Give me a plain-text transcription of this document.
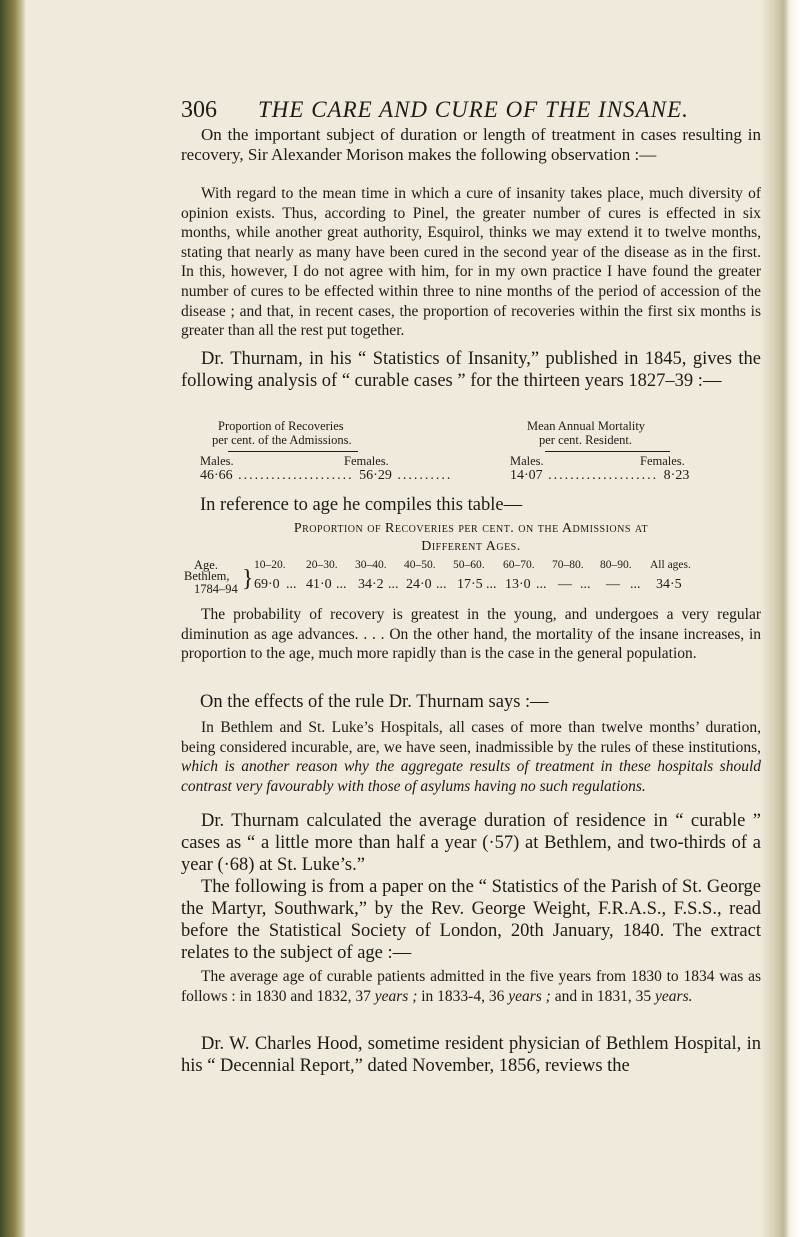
306 THE CARE AND CURE OF THE INSANE.
On the important subject of duration or length of treatment in cases resulting in recovery, Sir Alexander Morison makes the following observation :—
With regard to the mean time in which a cure of insanity takes place, much diversity of opinion exists. Thus, according to Pinel, the greater number of cures is effected in six months, while another great authority, Esquirol, thinks we may extend it to twelve months, stating that nearly as many have been cured in the second year of the disease as in the first. In this, however, I do not agree with him, for in my own practice I have found the greater number of cures to be effected within three to nine months of the period of accession of the disease ; and that, in recent cases, the proportion of recoveries within the first six months is greater than all the rest put together.
Dr. Thurnam, in his “ Statistics of Insanity,” published in 1845, gives the following analysis of “ curable cases ” for the thirteen years 1827–39 :—
Proportion of Recoveries
per cent. of the Admissions.
Mean Annual Mortality
per cent. Resident.
Males.	Females.	Males.	Females.
46·66 ..................... 56·29 ..........	14·07 .................... 8·23
In reference to age he compiles this table—
Proportion of Recoveries per cent. on the Admissions at
Different Ages.
Age.
Bethlem,
1784–94 }
10–20. 20–30. 30–40. 40–50. 50–60. 60–70. 70–80. 80–90. All ages.
69·0 ... 41·0 ... 34·2 ... 24·0 ... 17·5 ... 13·0 ... — ... — ... 34·5
The probability of recovery is greatest in the young, and undergoes a very regular diminution as age advances. . . . On the other hand, the mortality of the insane increases, in proportion to the age, much more rapidly than is the case in the general population.
On the effects of the rule Dr. Thurnam says :—
In Bethlem and St. Luke’s Hospitals, all cases of more than twelve months’ duration, being considered incurable, are, we have seen, inadmissible by the rules of these institutions, which is another reason why the aggregate results of treatment in these hospitals should contrast very favourably with those of asylums having no such regulations.
Dr. Thurnam calculated the average duration of residence in “ curable ” cases as “ a little more than half a year (·57) at Bethlem, and two-thirds of a year (·68) at St. Luke’s.”
The following is from a paper on the “ Statistics of the Parish of St. George the Martyr, Southwark,” by the Rev. George Weight, F.R.A.S., F.S.S., read before the Statistical Society of London, 20th January, 1840. The extract relates to the subject of age :—
The average age of curable patients admitted in the five years from 1830 to 1834 was as follows : in 1830 and 1832, 37 years ; in 1833-4, 36 years ; and in 1831, 35 years.
Dr. W. Charles Hood, sometime resident physician of Bethlem Hospital, in his “ Decennial Report,” dated November, 1856, reviews the
